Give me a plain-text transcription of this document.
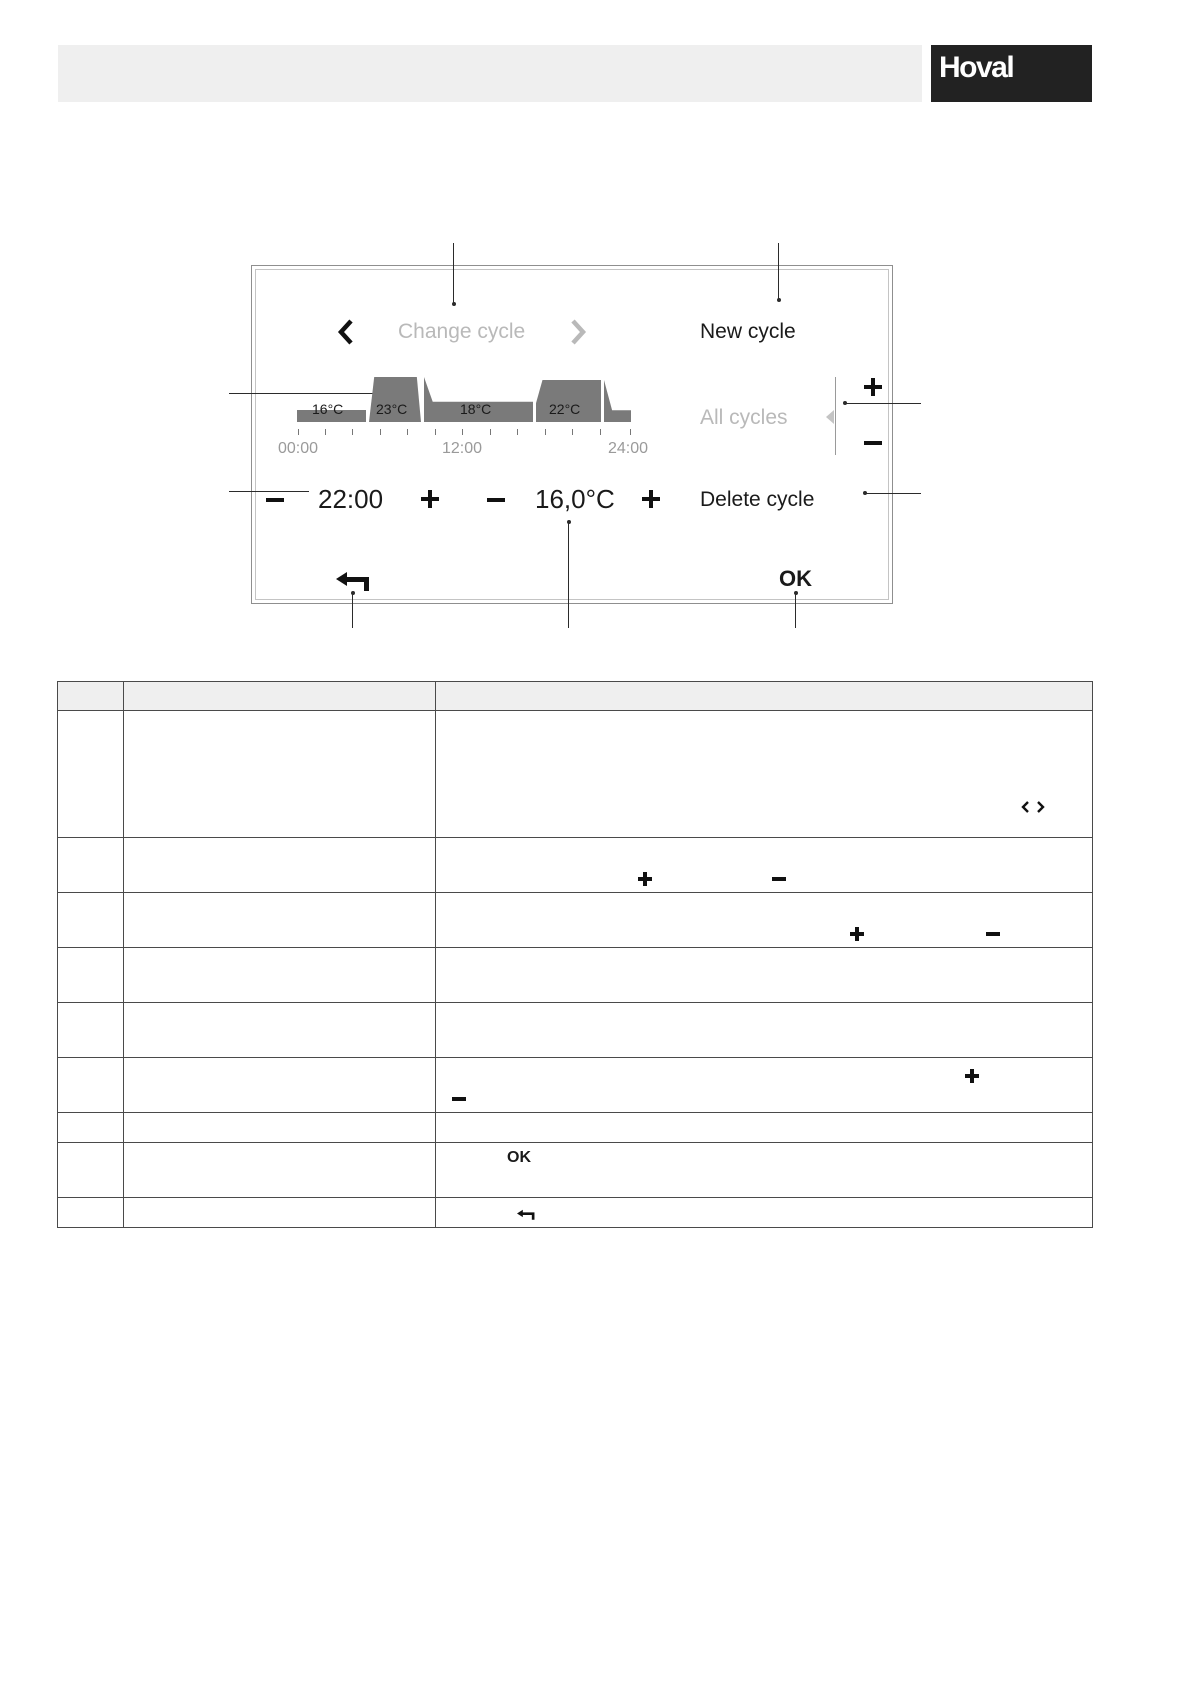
Hoval
Change cycle	New cycle
16°C 23°C	18°C	22°C
00:00	12:00	24:00
All cycles
22:00	16,0°C	Delete cycle
OK

		OK
